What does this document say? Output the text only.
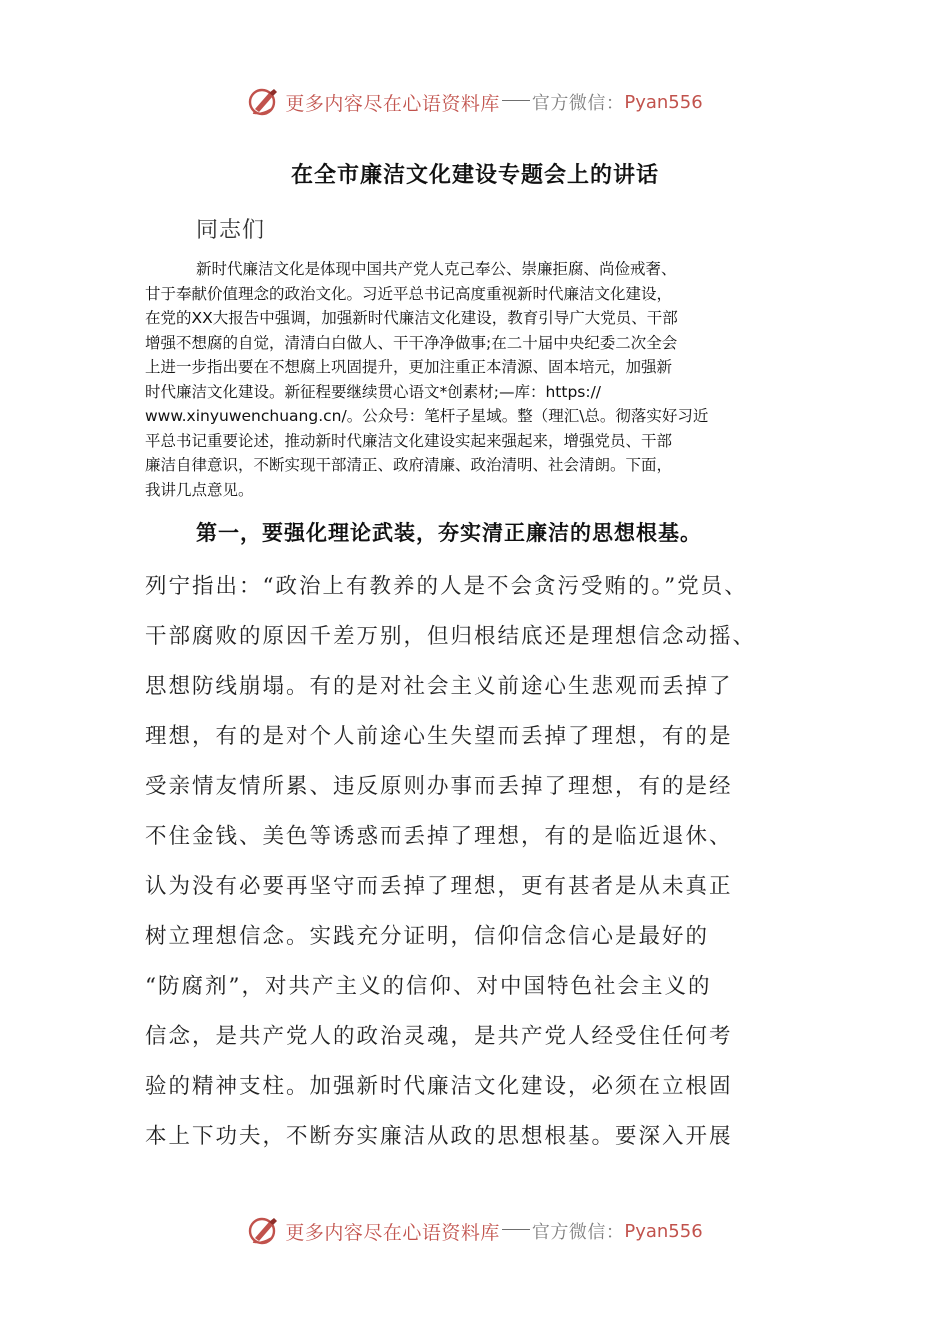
更多内容尽在心语资料库 官方微信： Pyan556
在全市廉洁文化建设专题会上的讲话
同志们
新时代廉洁文化是体现中国共产党人克己奉公、崇廉拒腐、尚俭戒奢、
甘于奉献价值理念的政治文化。习近平总书记高度重视新时代廉洁文化建设，
在党的XX大报告中强调，加强新时代廉洁文化建设，教育引导广大党员、干部
增强不想腐的自觉，清清白白做人、干干净净做事;在二十届中央纪委二次全会
上进一步指出要在不想腐上巩固提升，更加注重正本清源、固本培元，加强新
时代廉洁文化建设。新征程要继续贯心语文*创素材;—库：https://
www.xinyuwenchuang.cn/。公众号：笔杆子星域。整（理汇\总。彻落实好习近
平总书记重要论述，推动新时代廉洁文化建设实起来强起来，增强党员、干部
廉洁自律意识，不断实现干部清正、政府清廉、政治清明、社会清朗。下面，
我讲几点意见。
第一，要强化理论武装，夯实清正廉洁的思想根基。
列宁指出：“政治上有教养的人是不会贪污受贿的。”党员、
干部腐败的原因千差万别，但归根结底还是理想信念动摇、
思想防线崩塌。有的是对社会主义前途心生悲观而丢掉了
理想，有的是对个人前途心生失望而丢掉了理想，有的是
受亲情友情所累、违反原则办事而丢掉了理想，有的是经
不住金钱、美色等诱惑而丢掉了理想，有的是临近退休、
认为没有必要再坚守而丢掉了理想，更有甚者是从未真正
树立理想信念。实践充分证明，信仰信念信心是最好的
“防腐剂”，对共产主义的信仰、对中国特色社会主义的
信念，是共产党人的政治灵魂，是共产党人经受住任何考
验的精神支柱。加强新时代廉洁文化建设，必须在立根固
本上下功夫，不断夯实廉洁从政的思想根基。要深入开展
更多内容尽在心语资料库 官方微信： Pyan556
